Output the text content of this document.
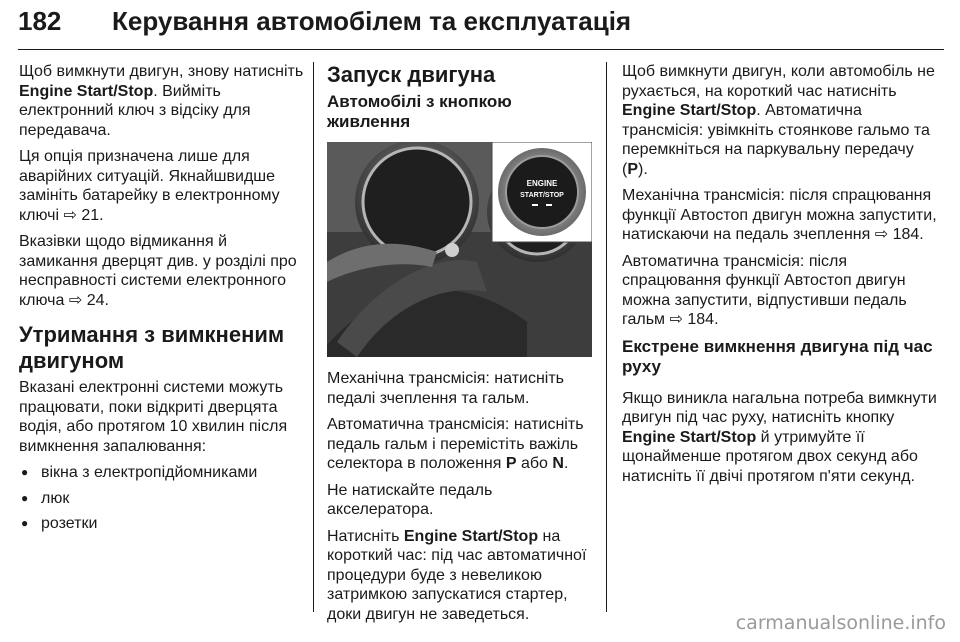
182 Керування автомобілем та експлуатація

Щоб вимкнути двигун, знову натисніть Engine Start/Stop. Вийміть електронний ключ з відсіку для передавача.

Ця опція призначена лише для аварійних ситуацій. Якнайшвидше замініть батарейку в електронному ключі ⇨ 21.

Вказівки щодо відмикання й замикання дверцят див. у розділі про несправності системи електронного ключа ⇨ 24.

Утримання з вимкненим двигуном

Вказані електронні системи можуть працювати, поки відкриті дверцята водія, або протягом 10 хвилин після вимкнення запалювання:

● вікна з електропідйомниками
● люк
● розетки
Запуск двигуна
Автомобілі з кнопкою живлення
ENGINE
START/STOP

Механічна трансмісія: натисніть педалі зчеплення та гальм.

Автоматична трансмісія: натисніть педаль гальм і перемістіть важіль селектора в положення P або N.

Не натискайте педаль акселератора.

Натисніть Engine Start/Stop на короткий час: під час автоматичної процедури буде з невеликою затримкою запускатися стартер, доки двигун не заведеться.

Щоб вимкнути двигун, коли автомобіль не рухається, на короткий час натисніть Engine Start/Stop. Автоматична трансмісія: увімкніть стоянкове гальмо та перемкніться на паркувальну передачу (P).

Механічна трансмісія: після спрацювання функції Автостоп двигун можна запустити, натискаючи на педаль зчеплення ⇨ 184.

Автоматична трансмісія: після спрацювання функції Автостоп двигун можна запустити, відпустивши педаль гальм ⇨ 184.

Екстрене вимкнення двигуна під час руху

Якщо виникла нагальна потреба вимкнути двигун під час руху, натисніть кнопку Engine Start/Stop й утримуйте її щонайменше протягом двох секунд або натисніть її двічі протягом п'яти секунд.

carmanualsonline.info
